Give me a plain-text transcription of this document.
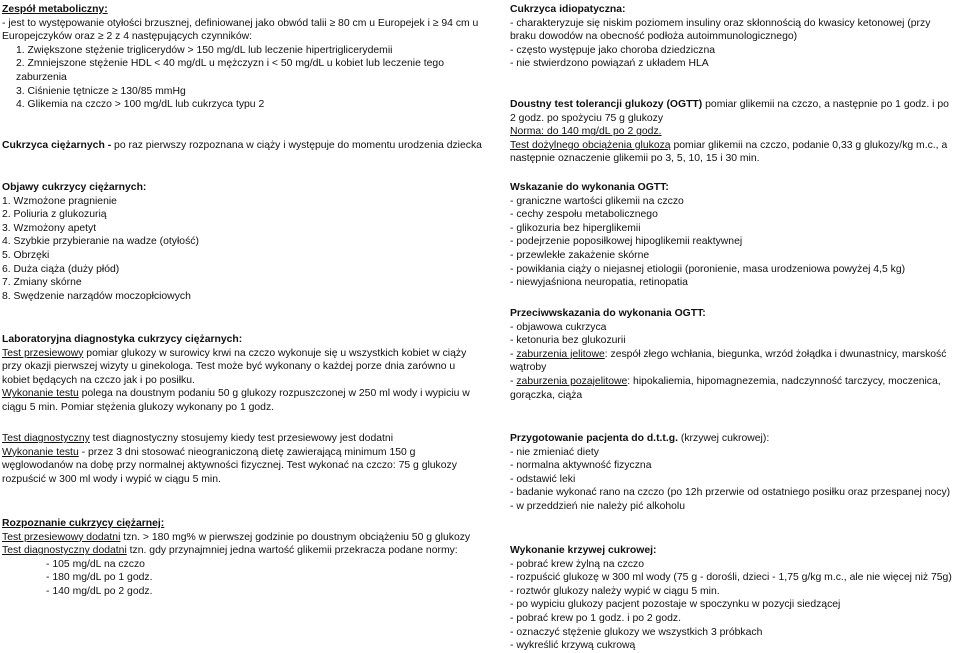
Zespół metaboliczny:

- jest to występowanie otyłości brzusznej, definiowanej jako obwód talii ≥ 80 cm u Europejek i ≥ 94 cm u Europejczyków oraz ≥ 2 z 4 następujących czynników:

1. Zwiększone stężenie triglicerydów > 150 mg/dL lub leczenie hipertriglicerydemii

2. Zmniejszone stężenie HDL < 40 mg/dL u mężczyzn i < 50 mg/dL u kobiet lub leczenie tego zaburzenia

3. Ciśnienie tętnicze ≥ 130/85 mmHg

4. Glikemia na czczo > 100 mg/dL lub cukrzyca typu 2

Cukrzyca ciężarnych - po raz pierwszy rozpoznana w ciąży i występuje do momentu urodzenia dziecka

Objawy cukrzycy ciężarnych:

1. Wzmożone pragnienie

2. Poliuria z glukozurią

3. Wzmożony apetyt

4. Szybkie przybieranie na wadze (otyłość)

5. Obrzęki

6. Duża ciąża (duży płód)

7. Zmiany skórne

8. Swędzenie narządów moczopłciowych

Laboratoryjna diagnostyka cukrzycy ciężarnych:

Test przesiewowy pomiar glukozy w surowicy krwi na czczo wykonuje się u wszystkich kobiet w ciąży przy okazji pierwszej wizyty u ginekologa. Test może być wykonany o każdej porze dnia zarówno u kobiet będących na czczo jak i po posiłku.

Wykonanie testu polega na doustnym podaniu 50 g glukozy rozpuszczonej w 250 ml wody i wypiciu w ciągu 5 min. Pomiar stężenia glukozy wykonany po 1 godz.

Test diagnostyczny test diagnostyczny stosujemy kiedy test przesiewowy jest dodatni

Wykonanie testu - przez 3 dni stosować nieograniczoną dietę zawierającą minimum 150 g węglowodanów na dobę przy normalnej aktywności fizycznej. Test wykonać na czczo: 75 g glukozy rozpuścić w 300 ml wody i wypić w ciągu 5 min.

Rozpoznanie cukrzycy ciężarnej:

Test przesiewowy dodatni tzn. > 180 mg% w pierwszej godzinie po doustnym obciążeniu 50 g glukozy

Test diagnostyczny dodatni tzn. gdy przynajmniej jedna wartość glikemii przekracza podane normy:

- 105 mg/dL na czczo

- 180 mg/dL po 1 godz.

- 140 mg/dL po 2 godz.

Cukrzyca idiopatyczna:

- charakteryzuje się niskim poziomem insuliny oraz skłonnością do kwasicy ketonowej (przy braku dowodów na obecność podłoża autoimmunologicznego)

- często występuje jako choroba dziedziczna

- nie stwierdzono powiązań z układem HLA

Doustny test tolerancji glukozy (OGTT) pomiar glikemii na czczo, a następnie po 1 godz. i po 2 godz. po spożyciu 75 g glukozy

Norma: do 140 mg/dL po 2 godz.

Test dożylnego obciążenia glukozą pomiar glikemii na czczo, podanie 0,33 g glukozy/kg m.c., a następnie oznaczenie glikemii po 3, 5, 10, 15 i 30 min.

Wskazanie do wykonania OGTT:

- graniczne wartości glikemii na czczo

- cechy zespołu metabolicznego

- glikozuria bez hiperglikemii

- podejrzenie poposiłkowej hipoglikemii reaktywnej

- przewlekłe zakażenie skórne

- powikłania ciąży o niejasnej etiologii (poronienie, masa urodzeniowa powyżej 4,5 kg)

- niewyjaśniona neuropatia, retinopatia

Przeciwwskazania do wykonania OGTT:

- objawowa cukrzyca

- ketonuria bez glukozurii

- zaburzenia jelitowe: zespół złego wchłania, biegunka, wrzód żołądka i dwunastnicy, marskość wątroby

- zaburzenia pozajelitowe: hipokaliemia, hipomagnezemia, nadczynność tarczycy, moczenica, gorączka, ciąża

Przygotowanie pacjenta do d.t.t.g. (krzywej cukrowej):

- nie zmieniać diety

- normalna aktywność fizyczna

- odstawić leki

- badanie wykonać rano na czczo (po 12h przerwie od ostatniego posiłku oraz przespanej nocy)

- w przeddzień nie należy pić alkoholu

Wykonanie krzywej cukrowej:

- pobrać krew żylną na czczo

- rozpuścić glukozę w 300 ml wody (75 g - dorośli, dzieci - 1,75 g/kg m.c., ale nie więcej niż 75g)

- roztwór glukozy należy wypić w ciągu 5 min.

- po wypiciu glukozy pacjent pozostaje w spoczynku w pozycji siedzącej

- pobrać krew po 1 godz. i po 2 godz.

- oznaczyć stężenie glukozy we wszystkich 3 próbkach

- wykreślić krzywą cukrową
